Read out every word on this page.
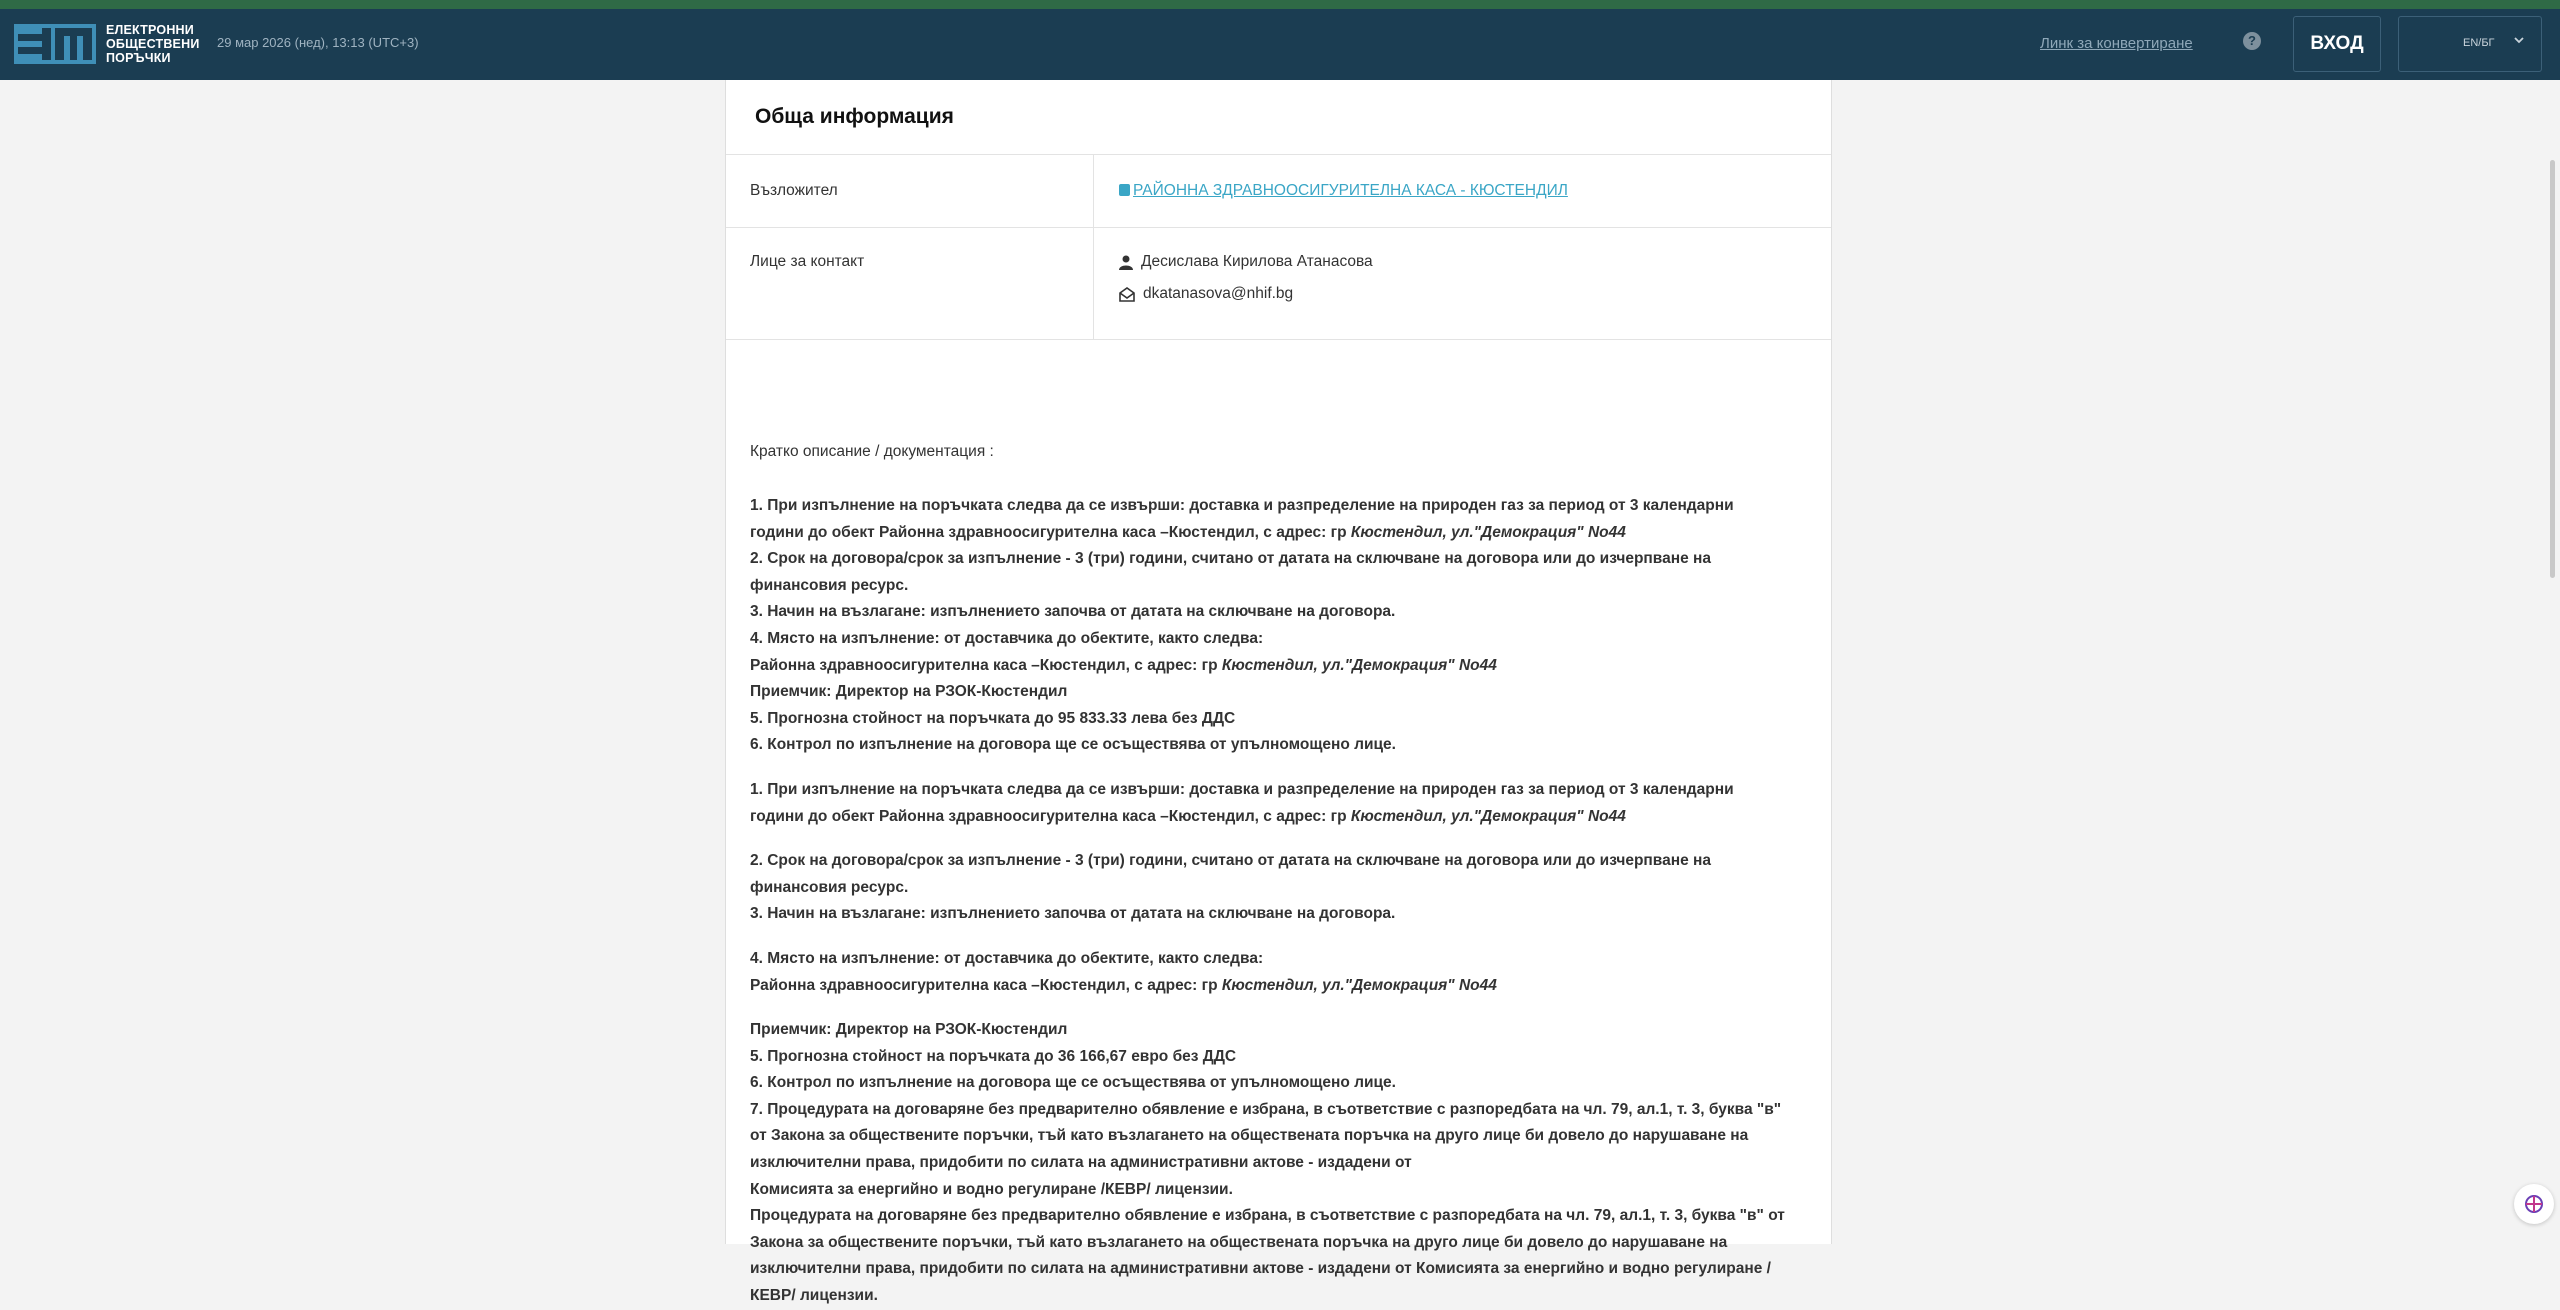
ЕЛЕКТРОННИ
ОБЩЕСТВЕНИ
ПОРЪЧКИ
29 мар 2026 (нед), 13:13 (UTC+3)	Линк за конвертиране	?	ВХОД	EN/БГ
Обща информация
Възложител	РАЙОННА ЗДРАВНООСИГУРИТЕЛНА КАСА - КЮСТЕНДИЛ
Лице за контакт	Десислава Кирилова Атанасова
dkatanasova@nhif.bg
Кратко описание / документация :

1. При изпълнение на поръчката следва да се извърши: доставка и разпределение на природен газ за период от 3 календарни

години до обект Районна здравноосигурителна каса –Кюстендил, с адрес: гр Кюстендил, ул."Демокрация" No44

2. Срок на договора/срок за изпълнение - 3 (три) години, считано от датата на сключване на договора или до изчерпване на

финансовия ресурс.

3. Начин на възлагане: изпълнението започва от датата на сключване на договора.

4. Място на изпълнение: от доставчика до обектите, както следва:

Районна здравноосигурителна каса –Кюстендил, с адрес: гр Кюстендил, ул."Демокрация" No44

Приемчик: Директор на РЗОК-Кюстендил

5. Прогнозна стойност на поръчката до 95 833.33 лева без ДДС

6. Контрол по изпълнение на договора ще се осъществява от упълномощено лице.

1. При изпълнение на поръчката следва да се извърши: доставка и разпределение на природен газ за период от 3 календарни

години до обект Районна здравноосигурителна каса –Кюстендил, с адрес: гр Кюстендил, ул."Демокрация" No44

2. Срок на договора/срок за изпълнение - 3 (три) години, считано от датата на сключване на договора или до изчерпване на

финансовия ресурс.

3. Начин на възлагане: изпълнението започва от датата на сключване на договора.

4. Място на изпълнение: от доставчика до обектите, както следва:

Районна здравноосигурителна каса –Кюстендил, с адрес: гр Кюстендил, ул."Демокрация" No44

Приемчик: Директор на РЗОК-Кюстендил

5. Прогнозна стойност на поръчката до 36 166,67 евро без ДДС

6. Контрол по изпълнение на договора ще се осъществява от упълномощено лице.

7. Процедурата на договаряне без предварително обявление е избрана, в съответствие с разпоредбата на чл. 79, ал.1, т. 3, буква "в"

от Закона за обществените поръчки, тъй като възлагането на обществената поръчка на друго лице би довело до нарушаване на

изключителни права, придобити по силата на административни актове - издадени от

Комисията за енергийно и водно регулиране /КЕВР/ лицензии.

Процедурата на договаряне без предварително обявление е избрана, в съответствие с разпоредбата на чл. 79, ал.1, т. 3, буква "в" от

Закона за обществените поръчки, тъй като възлагането на обществената поръчка на друго лице би довело до нарушаване на

изключителни права, придобити по силата на административни актове - издадени от Комисията за енергийно и водно регулиране /

КЕВР/ лицензии.
